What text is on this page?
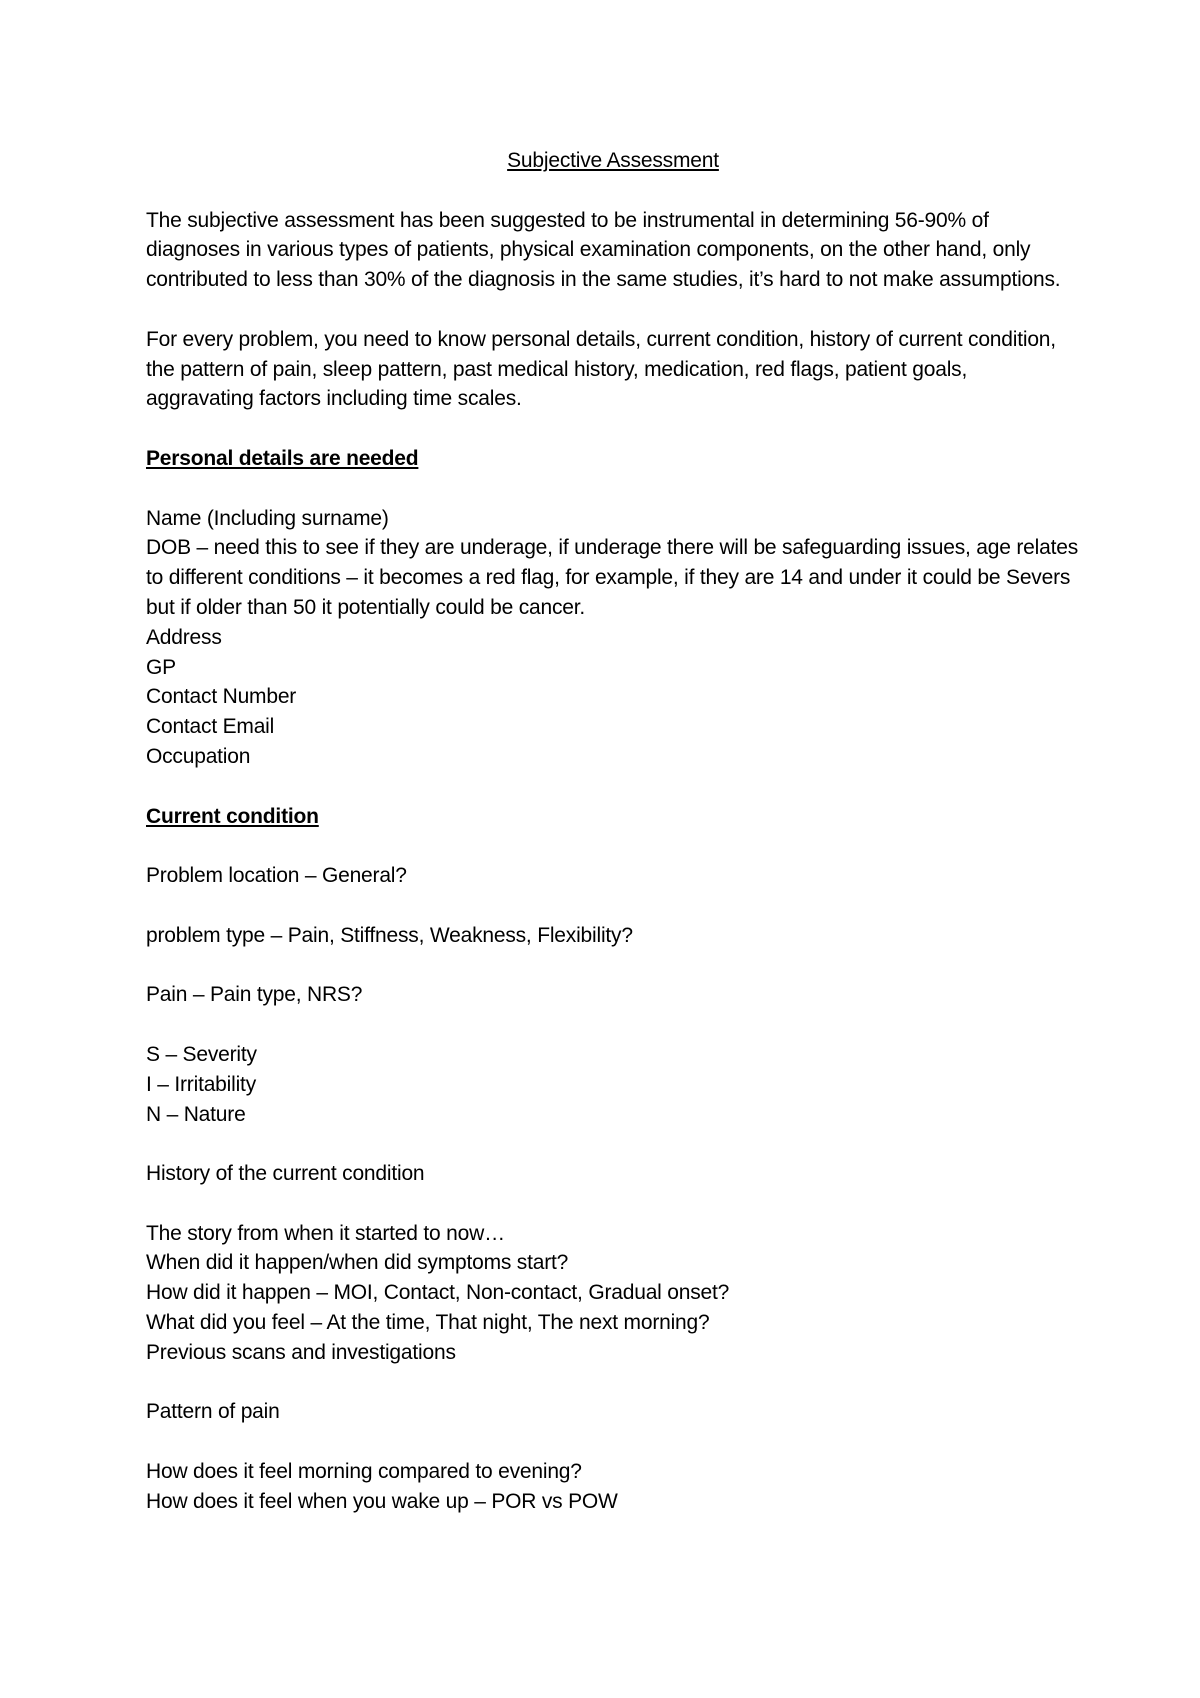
Subjective Assessment

The subjective assessment has been suggested to be instrumental in determining 56-90% of diagnoses in various types of patients, physical examination components, on the other hand, only contributed to less than 30% of the diagnosis in the same studies, it’s hard to not make assumptions.

For every problem, you need to know personal details, current condition, history of current condition, the pattern of pain, sleep pattern, past medical history, medication, red flags, patient goals, aggravating factors including time scales.

Personal details are needed
Name (Including surname)
DOB – need this to see if they are underage, if underage there will be safeguarding issues, age relates to different conditions – it becomes a red flag, for example, if they are 14 and under it could be Severs but if older than 50 it potentially could be cancer.
Address
GP
Contact Number
Contact Email
Occupation
Current condition

Problem location – General?

problem type – Pain, Stiffness, Weakness, Flexibility?

Pain – Pain type, NRS?

S – Severity
I – Irritability
N – Nature

History of the current condition

The story from when it started to now…
When did it happen/when did symptoms start?
How did it happen – MOI, Contact, Non-contact, Gradual onset?
What did you feel – At the time, That night, The next morning?
Previous scans and investigations

Pattern of pain

How does it feel morning compared to evening?
How does it feel when you wake up – POR vs POW
